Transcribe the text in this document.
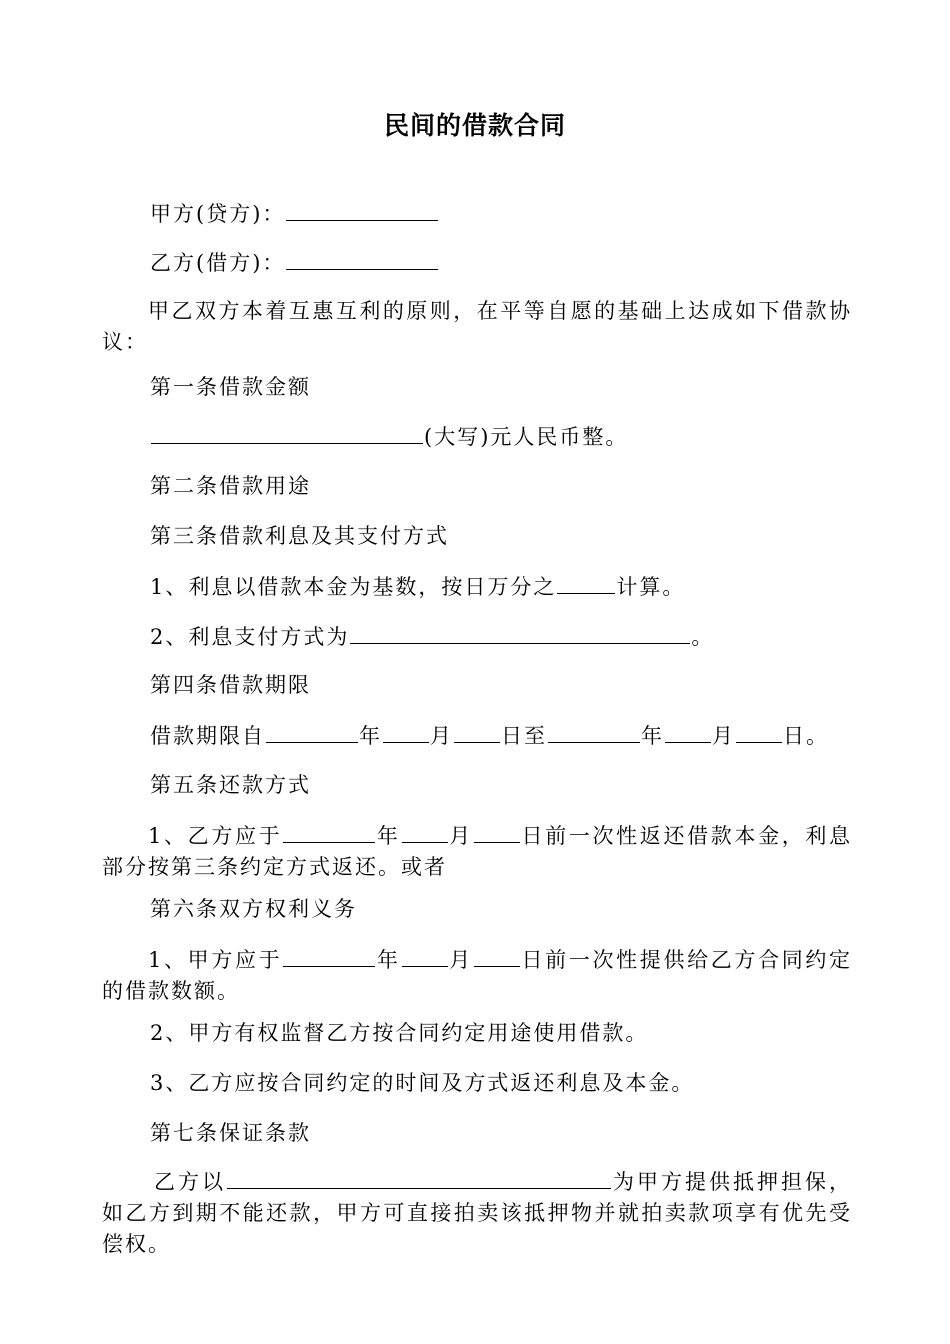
民间的借款合同
甲方(贷方)：
乙方(借方)：
甲乙双方本着互惠互利的原则，在平等自愿的基础上达成如下借款协议：
第一条借款金额
(大写)元人民币整。
第二条借款用途
第三条借款利息及其支付方式
1、利息以借款本金为基数，按日万分之	计算。
2、利息支付方式为	。
第四条借款期限
借款期限自	年 月 日至	年 月 日。
第五条还款方式
1、乙方应于	年 月 日前一次性返还借款本金，利息部分按第三条约定方式返还。或者
第六条双方权利义务
1、甲方应于	年 月 日前一次性提供给乙方合同约定的借款数额。
2、甲方有权监督乙方按合同约定用途使用借款。
3、乙方应按合同约定的时间及方式返还利息及本金。
第七条保证条款
乙方以	为甲方提供抵押担保，如乙方到期不能还款，甲方可直接拍卖该抵押物并就拍卖款项享有优先受偿权。
